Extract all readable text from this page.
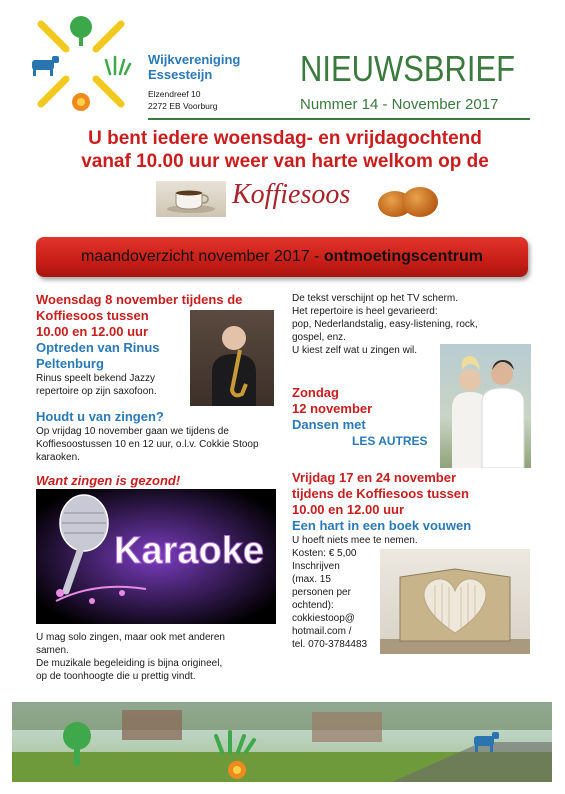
Wijkvereniging
Essesteijn
Elzendreef 10
2272 EB Voorburg
NIEUWSBRIEF
Nummer 14 - November 2017
U bent iedere woensdag- en vrijdagochtend
vanaf 10.00 uur weer van harte welkom op de
Koffiesoos
maandoverzicht november 2017 - ontmoetingscentrum
Woensdag 8 november tijdens de
Koffiesoos tussen
10.00 en 12.00 uur
Optreden van Rinus
Peltenburg
Rinus speelt bekend Jazzy
repertoire op zijn saxofoon.
Houdt u van zingen?
Op vrijdag 10 november gaan we tijdens de
Koffiesoostussen 10 en 12 uur, o.l.v. Cokkie Stoop
karaoken.
Want zingen is gezond!
Karaoke
U mag solo zingen, maar ook met anderen
samen.
De muzikale begeleiding is bijna origineel,
op de toonhoogte die u prettig vindt.
De tekst verschijnt op het TV scherm.
Het repertoire is heel gevarieerd:
pop, Nederlandstalig, easy-listening, rock,
gospel, enz.
U kiest zelf wat u zingen wil.
Zondag
12 november
Dansen met
LES AUTRES
Vrijdag 17 en 24 november
tijdens de Koffiesoos tussen
10.00 en 12.00 uur
Een hart in een boek vouwen
U hoeft niets mee te nemen.
Kosten: € 5,00
Inschrijven
(max. 15
personen per
ochtend):
cokkiestoop@
hotmail.com /
tel. 070-3784483
